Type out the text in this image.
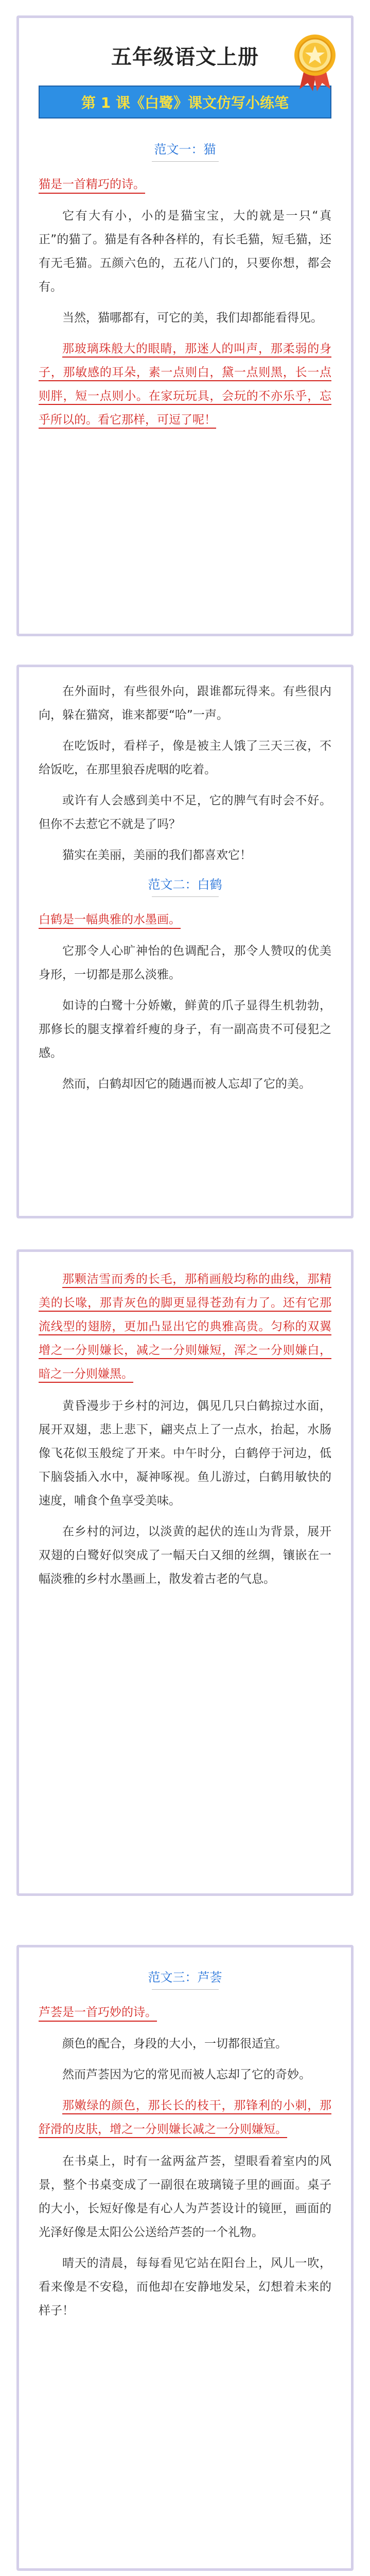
五年级语文上册
第 1 课《白鹭》课文仿写小练笔
范文一：猫
猫是一首精巧的诗。

它有大有小，小的是猫宝宝，大的就是一只“真正”的猫了。猫是有各种各样的，有长毛猫，短毛猫，还有无毛猫。五颜六色的，五花八门的，只要你想，都会有。

当然，猫哪都有，可它的美，我们却都能看得见。

那玻璃珠般大的眼睛，那迷人的叫声，那柔弱的身子，那敏感的耳朵，素一点则白，黛一点则黑，长一点则胖，短一点则小。在家玩玩具，会玩的不亦乐乎，忘乎所以的。看它那样，可逗了呢！

在外面时，有些很外向，跟谁都玩得来。有些很内向，躲在猫窝，谁来都要“哈”一声。

在吃饭时，看样子，像是被主人饿了三天三夜，不给饭吃，在那里狼吞虎咽的吃着。

或许有人会感到美中不足，它的脾气有时会不好。但你不去惹它不就是了吗？

猫实在美丽，美丽的我们都喜欢它！

范文二：白鹤
白鹤是一幅典雅的水墨画。

它那令人心旷神怡的色调配合，那令人赞叹的优美身形，一切都是那么淡雅。

如诗的白鹭十分娇嫩，鲜黄的爪子显得生机勃勃，那修长的腿支撑着纤瘦的身子，有一副高贵不可侵犯之感。

然而，白鹤却因它的随遇而被人忘却了它的美。

那颗洁雪而秀的长毛，那稍画般均称的曲线，那精美的长喙，那青灰色的脚更显得苍劲有力了。还有它那流线型的翅膀，更加凸显出它的典雅高贵。匀称的双翼增之一分则嫌长，减之一分则嫌短，浑之一分则嫌白，暗之一分则嫌黑。

黄昏漫步于乡村的河边，偶见几只白鹤掠过水面，展开双翅，悲上悲下，翩夹点上了一点水，抬起，水肠像飞花似玉般绽了开来。中午时分，白鹤停于河边，低下脑袋插入水中，凝神啄视。鱼儿游过，白鹤用敏快的速度，哺食个鱼享受美味。

在乡村的河边，以淡黄的起伏的连山为背景，展开双翅的白鹭好似突成了一幅天白又细的丝绸，镶嵌在一幅淡雅的乡村水墨画上，散发着古老的气息。

范文三：芦荟
芦荟是一首巧妙的诗。

颜色的配合，身段的大小，一切都很适宜。

然而芦荟因为它的常见而被人忘却了它的奇妙。

那嫩绿的颜色，那长长的枝干，那锋利的小刺，那舒滑的皮肤，增之一分则嫌长减之一分则嫌短。

在书桌上，时有一盆两盆芦荟，望眼看着室内的风景，整个书桌变成了一副很在玻璃镜子里的画面。桌子的大小，长短好像是有心人为芦荟设计的镜匣，画面的光泽好像是太阳公公送给芦荟的一个礼物。

晴天的清晨，每每看见它站在阳台上，风儿一吹，看来像是不安稳，而他却在安静地发呆，幻想着未来的样子！
